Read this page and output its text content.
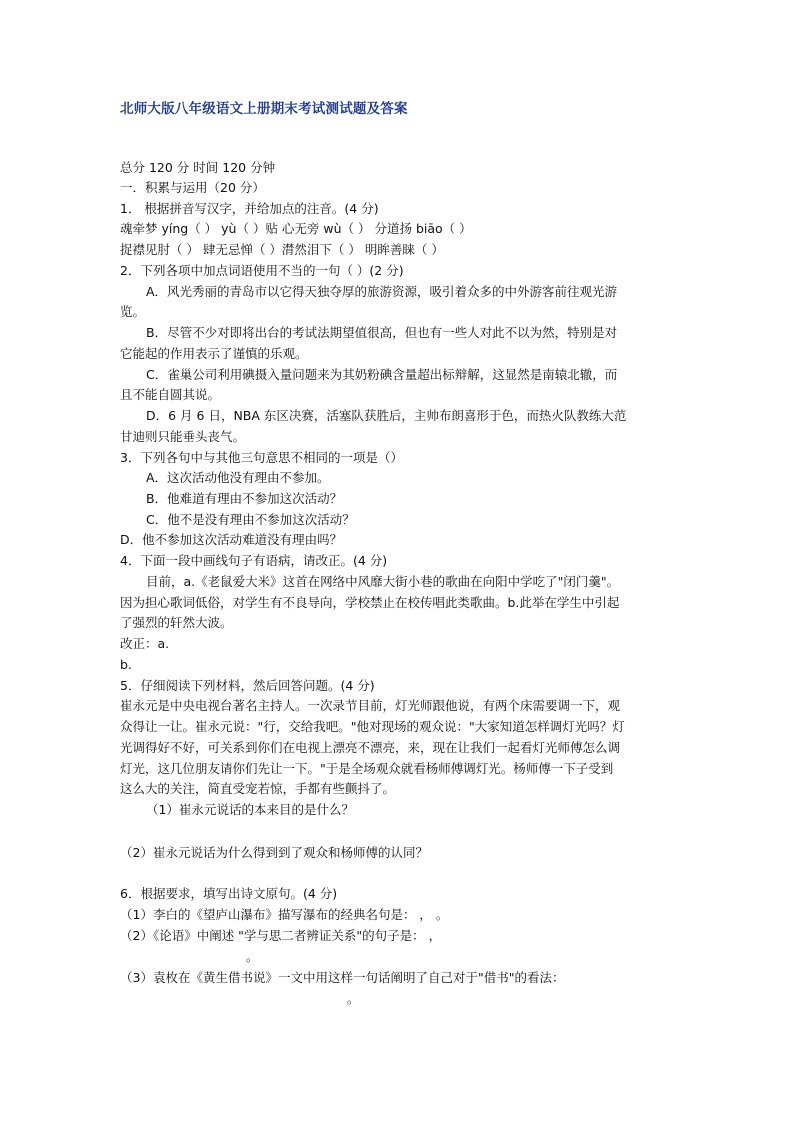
北师大版八年级语文上册期末考试测试题及答案
总分 120 分 时间 120 分钟
一．积累与运用（20 分）
1． 根据拼音写汉字，并给加点的注音。(4 分)
魂牵梦 yíng（ ） yù（ ）贴 心无旁 wù（ ） 分道扬 biāo（ ）
捉襟见肘（ ） 肆无忌惮（ ）潸然泪下（ ） 明眸善睐（ ）
2．下列各项中加点词语使用不当的一句（ ）(2 分)
A．风光秀丽的青岛市以它得天独夺厚的旅游资源，吸引着众多的中外游客前往观光游
览。
B．尽管不少对即将出台的考试法期望值很高，但也有一些人对此不以为然，特别是对
它能起的作用表示了谨慎的乐观。
C．雀巢公司利用碘摄入量问题来为其奶粉碘含量超出标辩解，这显然是南辕北辙，而
且不能自圆其说。
D．6 月 6 日，NBA 东区决赛，活塞队获胜后，主帅布朗喜形于色，而热火队教练大范
甘迪则只能垂头丧气。
3．下列各句中与其他三句意思不相同的一项是（）
A．这次活动他没有理由不参加。
B．他难道有理由不参加这次活动？
C．他不是没有理由不参加这次活动？
D．他不参加这次活动难道没有理由吗？
4．下面一段中画线句子有语病，请改正。(4 分)
目前，a.《老鼠爱大米》这首在网络中风靡大街小巷的歌曲在向阳中学吃了"闭门羹"。
因为担心歌词低俗，对学生有不良导向，学校禁止在校传唱此类歌曲。b.此举在学生中引起
了强烈的轩然大波。
改正：a.
b.
5．仔细阅读下列材料，然后回答问题。(4 分)
崔永元是中央电视台著名主持人。一次录节目前，灯光师跟他说，有两个床需要调一下，观
众得让一让。崔永元说："行，交给我吧。"他对现场的观众说："大家知道怎样调灯光吗？灯
光调得好不好，可关系到你们在电视上漂亮不漂亮，来，现在让我们一起看灯光师傅怎么调
灯光，这几位朋友请你们先让一下。"于是全场观众就看杨师傅调灯光。杨师傅一下子受到
这么大的关注，简直受宠若惊，手都有些颤抖了。
（1）崔永元说话的本来目的是什么？
（2）崔永元说话为什么得到到了观众和杨师傅的认同？
6．根据要求，填写出诗文原句。(4 分)
（1）李白的《望庐山瀑布》描写瀑布的经典名句是： ， 。
（2）《论语》中阐述 "学与思二者辨证关系"的句子是： ，
。
（3）袁枚在《黄生借书说》一文中用这样一句话阐明了自己对于"借书"的看法：
。
